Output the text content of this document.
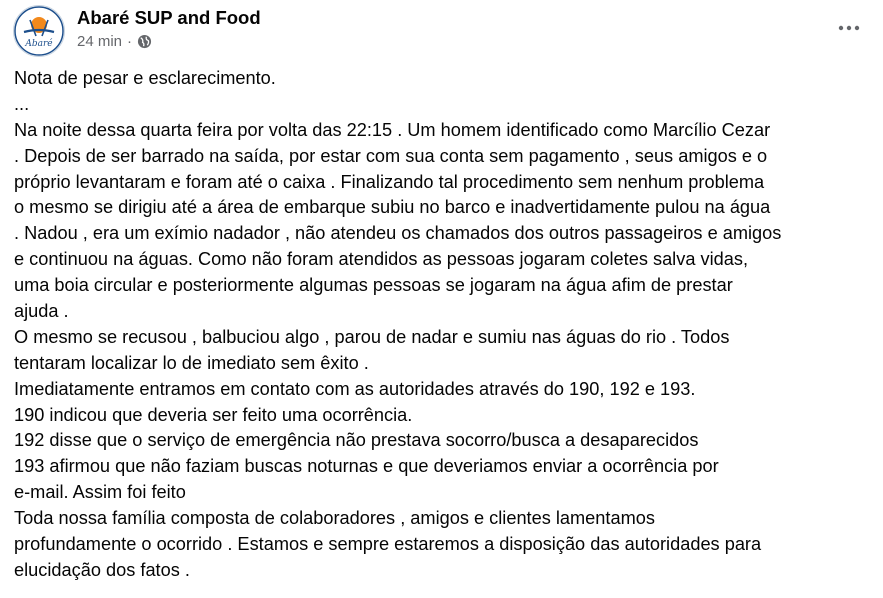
Abaré
Abaré SUP and Food
24 min ·
Nota de pesar e esclarecimento.
...
Na noite dessa quarta feira por volta das 22:15 . Um homem identificado como Marcílio Cezar
. Depois de ser barrado na saída, por estar com sua conta sem pagamento , seus amigos e o
próprio levantaram e foram até o caixa . Finalizando tal procedimento sem nenhum problema
o mesmo se dirigiu até a área de embarque subiu no barco e inadvertidamente pulou na água
. Nadou , era um exímio nadador , não atendeu os chamados dos outros passageiros e amigos
e continuou na águas. Como não foram atendidos as pessoas jogaram coletes salva vidas,
uma boia circular e posteriormente algumas pessoas se jogaram na água afim de prestar
ajuda .
O mesmo se recusou , balbuciou algo , parou de nadar e sumiu nas águas do rio . Todos
tentaram localizar lo de imediato sem êxito .
Imediatamente entramos em contato com as autoridades através do 190, 192 e 193.
190 indicou que deveria ser feito uma ocorrência.
192 disse que o serviço de emergência não prestava socorro/busca a desaparecidos
193 afirmou que não faziam buscas noturnas e que deveriamos enviar a ocorrência por
e-mail. Assim foi feito
Toda nossa família composta de colaboradores , amigos e clientes lamentamos
profundamente o ocorrido . Estamos e sempre estaremos a disposição das autoridades para
elucidação dos fatos .
